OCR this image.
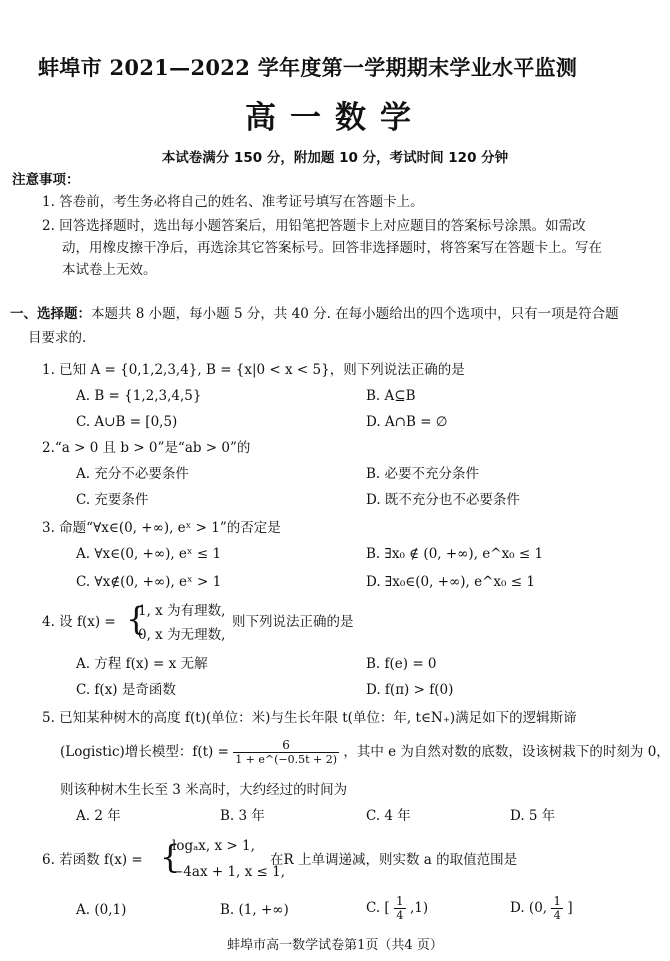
蚌埠市 2021—2022 学年度第一学期期末学业水平监测
高一数学
本试卷满分 150 分，附加题 10 分，考试时间 120 分钟
注意事项：
1. 答卷前，考生务必将自己的姓名、准考证号填写在答题卡上。
2. 回答选择题时，选出每小题答案后，用铅笔把答题卡上对应题目的答案标号涂黑。如需改
动，用橡皮擦干净后，再选涂其它答案标号。回答非选择题时，将答案写在答题卡上。写在
本试卷上无效。
一、选择题：本题共 8 小题，每小题 5 分，共 40 分. 在每小题给出的四个选项中，只有一项是符合题
目要求的.
1. 已知 A = {0,1,2,3,4}, B = {x|0 < x < 5}，则下列说法正确的是
A. B = {1,2,3,4,5}	B. A⊆B
C. A∪B = [0,5)	D. A∩B = ∅
2.“a > 0 且 b > 0”是“ab > 0”的
A. 充分不必要条件	B. 必要不充分条件
C. 充要条件	D. 既不充分也不必要条件
3. 命题“∀x∈(0, +∞), eˣ > 1”的否定是
A. ∀x∈(0, +∞), eˣ ≤ 1	B. ∃x₀ ∉ (0, +∞), e^x₀ ≤ 1
C. ∀x∉(0, +∞), eˣ > 1	D. ∃x₀∈(0, +∞), e^x₀ ≤ 1
4. 设 f(x) = {
1, x 为有理数,
0, x 为无理数,
则下列说法正确的是
A. 方程 f(x) = x 无解	B. f(e) = 0
C. f(x) 是奇函数	D. f(π) > f(0)
5. 已知某种树木的高度 f(t)(单位：米)与生长年限 t(单位：年, t∈N₊)满足如下的逻辑斯谛
(Logistic)增长模型：$f(t) = \frac{6}{1 + e\^{}(-0.5t + 2)}$ ，其中 e 为自然对数的底数，设该树栽下的时刻为 0，
则该种树木生长至 3 米高时，大约经过的时间为
A. 2 年	B. 3 年	C. 4 年	D. 5 年
6. 若函数 f(x) = {
logₐx, x > 1,
−4ax + 1, x ≤ 1,
在R 上单调递减，则实数 a 的取值范围是
A. (0,1)	B. (1, +∞)	C. [ $\frac{1}{4} ,1$)	D. (0, $\frac{1}{4}$ ]
蚌埠市高一数学试卷第1页（共4 页）
